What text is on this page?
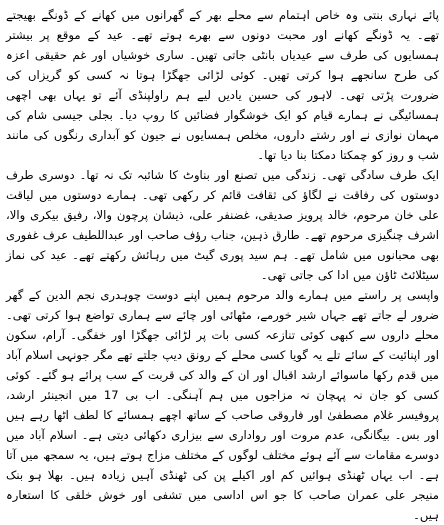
پائے نہاری بنتی وہ خاص اہتمام سے محلے بھر کے گھرانوں میں کھانے کے ڈونگے بھیجتے تھے۔ یہ ڈونگے کھانے اور محبت دونوں سے بھرے ہوتے تھے۔ عید کے موقع پر بیشتر ہمسایوں کی طرف سے عیدیاں بانٹی جاتی تھیں۔ ساری خوشیاں اور غم حقیقی اعزہ کی طرح سانجھے ہوا کرتی تھیں۔ کوئی لڑائی جھگڑا ہوتا نہ کسی کو گریزاں کی ضرورت پڑتی تھی۔ لاہور کی حسین یادیں لیے ہم راولپنڈی آئے تو یہاں بھی اچھی ہمسائیگی نے ہمارے قیام کو ایک خوشگوار فضائیں کا روپ دیا۔ بجلی جیسی شام کی مہمان نوازی نے اور رشتے داروں، مخلص ہمسایوں نے جیون کو آبداری رنگوں کی مانند شب و روز کو چمکتا دمکتا بنا دیا تھا۔

ایک طرف سادگی تھی۔ زندگی میں تصنع اور بناوٹ کا شائبہ تک نہ تھا۔ دوسری طرف دوستوں کی رفاقت نے لگاؤ کی ثقافت قائم کر رکھی تھی۔ ہمارے دوستوں میں لیاقت علی خان مرحوم، خالد پرویز صدیقی، غضنفر علی، ذیشان پرچون والا، رفیق بیکری والا، اشرف چنگیزی مرحوم تھے۔ طارق ذہین، جناب رؤف صاحب اور عبداللطیف عرف غفوری بھی محبانوں میں شامل تھے۔ ہم سید پوری گیٹ میں رہائش رکھتے تھے۔ عید کی نماز سیٹلائٹ ٹاؤن میں ادا کی جاتی تھی۔

واپسی پر راستے میں ہمارے والد مرحوم ہمیں اپنے دوست چوہدری نجم الدین کے گھر ضرور لے جاتے تھے جہاں شیر خورمے، مٹھائی اور چائے سے ہماری تواضع ہوا کرتی تھی۔ محلے داروں سے کبھی کوئی تنازعہ کسی بات پر لڑائی جھگڑا اور خفگی۔ آرام، سکون اور اپنائیت کے سائے تلے یہ گویا کسی محلے کے رونق دیپ جلتے تھے مگر جونہی اسلام آباد میں قدم رکھا ماسوائے ارشد اقبال اور ان کے والد کی قربت کے سب پرائے ہو گئے۔ کوئی کسی کو جان نہ پہچان نہ مزاجوں میں ہم آہنگی۔ اب بی 17 میں انجینئر ارشد، پروفیسر غلام مصطفیٰ اور فاروقی صاحب کے ساتھ اچھے ہمسائے کا لطف اٹھا رہے ہیں اور بس۔ بیگانگی، عدم مروت اور رواداری سے بیزاری دکھائی دیتی ہے۔ اسلام آباد میں دوسرے مقامات سے آئے ہوئے مختلف لوگوں کے مختلف مزاج ہوتے ہیں، یہ سمجھ میں آتا ہے۔ اب یہاں ٹھنڈی ہوائیں کم اور اکیلے پن کی ٹھنڈی آہیں زیادہ ہیں۔ بھلا ہو بنک منیجر علی عمران صاحب کا جو اس اداسی میں تشفی اور خوش خلقی کا استعارہ ہیں۔
